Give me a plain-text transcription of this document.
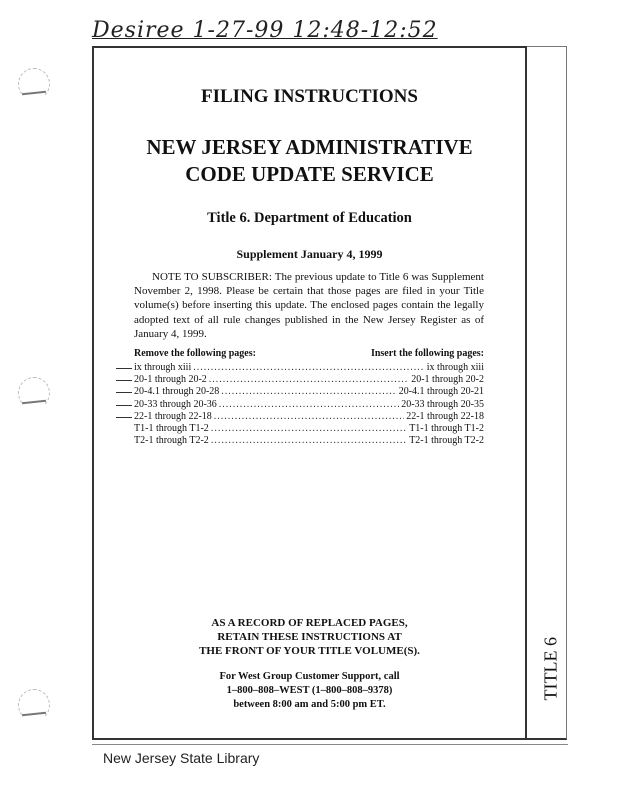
Desiree 1-27-99 12:48-12:52
TITLE 6
FILING INSTRUCTIONS
NEW JERSEY ADMINISTRATIVE CODE UPDATE SERVICE
Title 6. Department of Education
Supplement January 4, 1999
NOTE TO SUBSCRIBER: The previous update to Title 6 was Supplement November 2, 1998. Please be certain that those pages are filed in your Title volume(s) before inserting this update. The enclosed pages contain the legally adopted text of all rule changes published in the New Jersey Register as of January 4, 1999.
Remove the following pages:	Insert the following pages:
ix through xiii .....	ix through xiii
20-1 through 20-2 .....	20-1 through 20-2
20-4.1 through 20-28 .....	20-4.1 through 20-21
20-33 through 20-36 .....	20-33 through 20-35
22-1 through 22-18 .....	22-1 through 22-18
T1-1 through T1-2 .....	T1-1 through T1-2
T2-1 through T2-2 .....	T2-1 through T2-2
AS A RECORD OF REPLACED PAGES,
RETAIN THESE INSTRUCTIONS AT
THE FRONT OF YOUR TITLE VOLUME(S).
For West Group Customer Support, call
1–800–808–WEST (1–800–808–9378)
between 8:00 am and 5:00 pm ET.
New Jersey State Library
